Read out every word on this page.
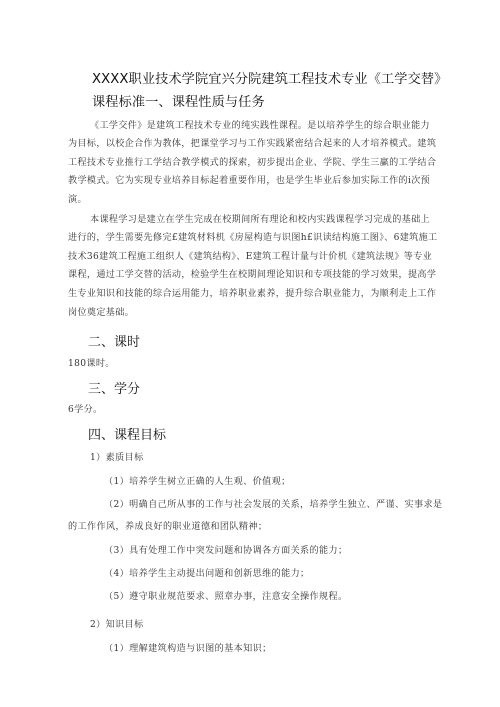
XXXX职业技术学院宜兴分院建筑工程技术专业《工学交替》
课程标准一、课程性质与任务
《工学交件》是建筑工程技术专业的纯实践性课程。是以培养学生的综合职业能力
为目标，以校企合作为教体，把课堂学习与工作实践紧密结合起来的人才培养模式。建筑
工程技术专业推行工学结合教学模式的探索，初步提出企业、学院、学生三赢的工学结合
教学模式。它为实现专业培养目标起着重要作用，也是学生毕业后参加实际工作的i次预
演。
本课程学习是建立在学生完成在校期间所有理论和校内实践课程学习完成的基础上
进行的，学生需要先修完£建筑材料机《房屋构造与识图h£识读结构施工图》、6建筑施工
技术36建筑工程施工组织人《建筑结构》、E建筑工程计量与计价机《建筑法规》等专业
课程，通过工学交替的活动，检验学生在校期间理论知识和专项技能的学习效果，提高学
生专业知识和技能的综合运用能力，培养职业素养，提升综合职业能力，为顺利走上工作
岗位奠定基础。
二、课时
180课时。
三、学分
6学分。
四、课程目标
1）素质目标
（1）培养学生树立正确的人生观、价值观；
（2）明确自己所从事的工作与社会发展的关系，培养学生独立、严谨、实事求是
的工作作风，养成良好的职业道德和团队精神；
（3）具有处理工作中突发问题和协调各方面关系的能力；
（4）培养学生主动提出问题和创新思维的能力；
（5）遵守职业规范要求、照章办事，注意安全操作规程。
2）知识目标
（1）理解建筑构造与识图的基本知识；
